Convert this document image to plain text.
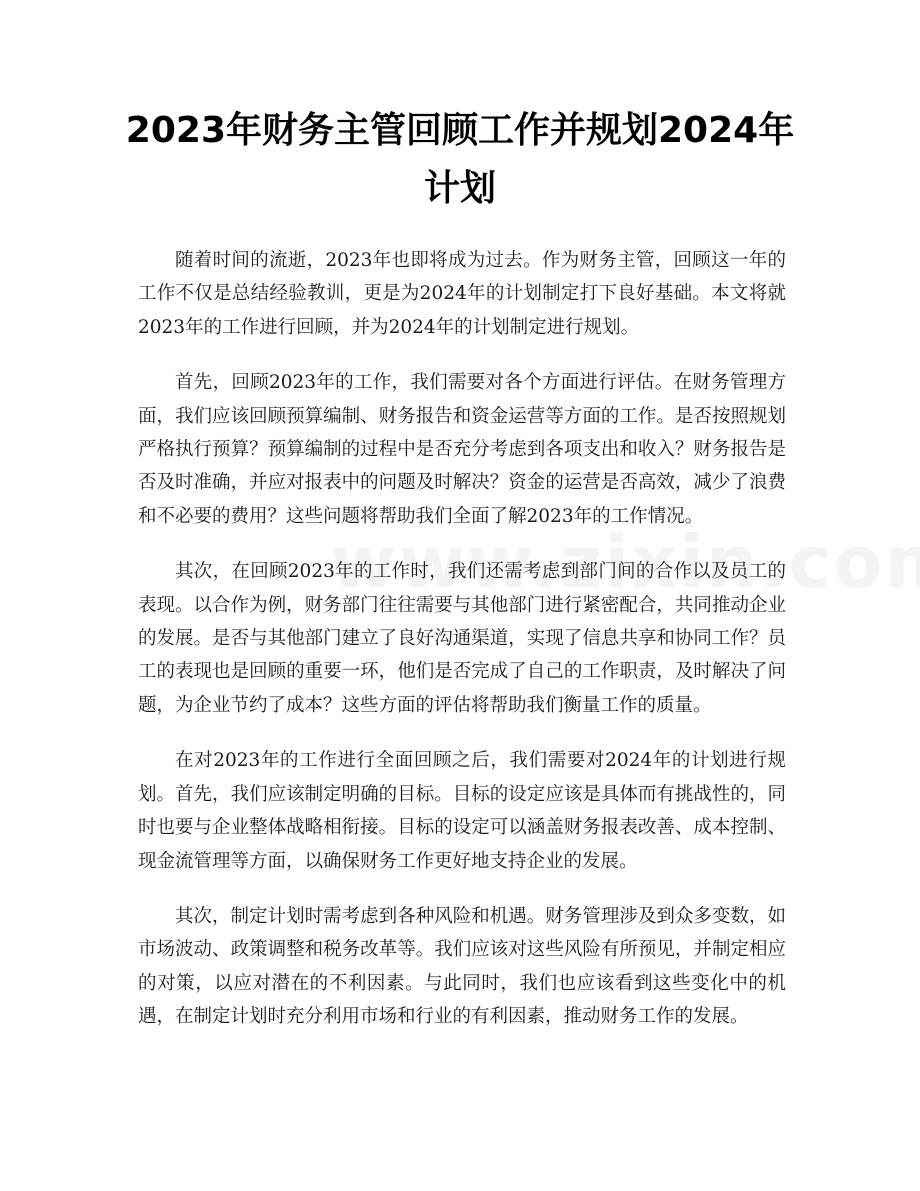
2023年财务主管回顾工作并规划2024年计划

随着时间的流逝，2023年也即将成为过去。作为财务主管，回顾这一年的工作不仅是总结经验教训，更是为2024年的计划制定打下良好基础。本文将就2023年的工作进行回顾，并为2024年的计划制定进行规划。

首先，回顾2023年的工作，我们需要对各个方面进行评估。在财务管理方面，我们应该回顾预算编制、财务报告和资金运营等方面的工作。是否按照规划严格执行预算？预算编制的过程中是否充分考虑到各项支出和收入？财务报告是否及时准确，并应对报表中的问题及时解决？资金的运营是否高效，减少了浪费和不必要的费用？这些问题将帮助我们全面了解2023年的工作情况。

其次，在回顾2023年的工作时，我们还需考虑到部门间的合作以及员工的表现。以合作为例，财务部门往往需要与其他部门进行紧密配合，共同推动企业的发展。是否与其他部门建立了良好沟通渠道，实现了信息共享和协同工作？员工的表现也是回顾的重要一环，他们是否完成了自己的工作职责，及时解决了问题，为企业节约了成本？这些方面的评估将帮助我们衡量工作的质量。

在对2023年的工作进行全面回顾之后，我们需要对2024年的计划进行规划。首先，我们应该制定明确的目标。目标的设定应该是具体而有挑战性的，同时也要与企业整体战略相衔接。目标的设定可以涵盖财务报表改善、成本控制、现金流管理等方面，以确保财务工作更好地支持企业的发展。

其次，制定计划时需考虑到各种风险和机遇。财务管理涉及到众多变数，如市场波动、政策调整和税务改革等。我们应该对这些风险有所预见，并制定相应的对策，以应对潜在的不利因素。与此同时，我们也应该看到这些变化中的机遇，在制定计划时充分利用市场和行业的有利因素，推动财务工作的发展。
